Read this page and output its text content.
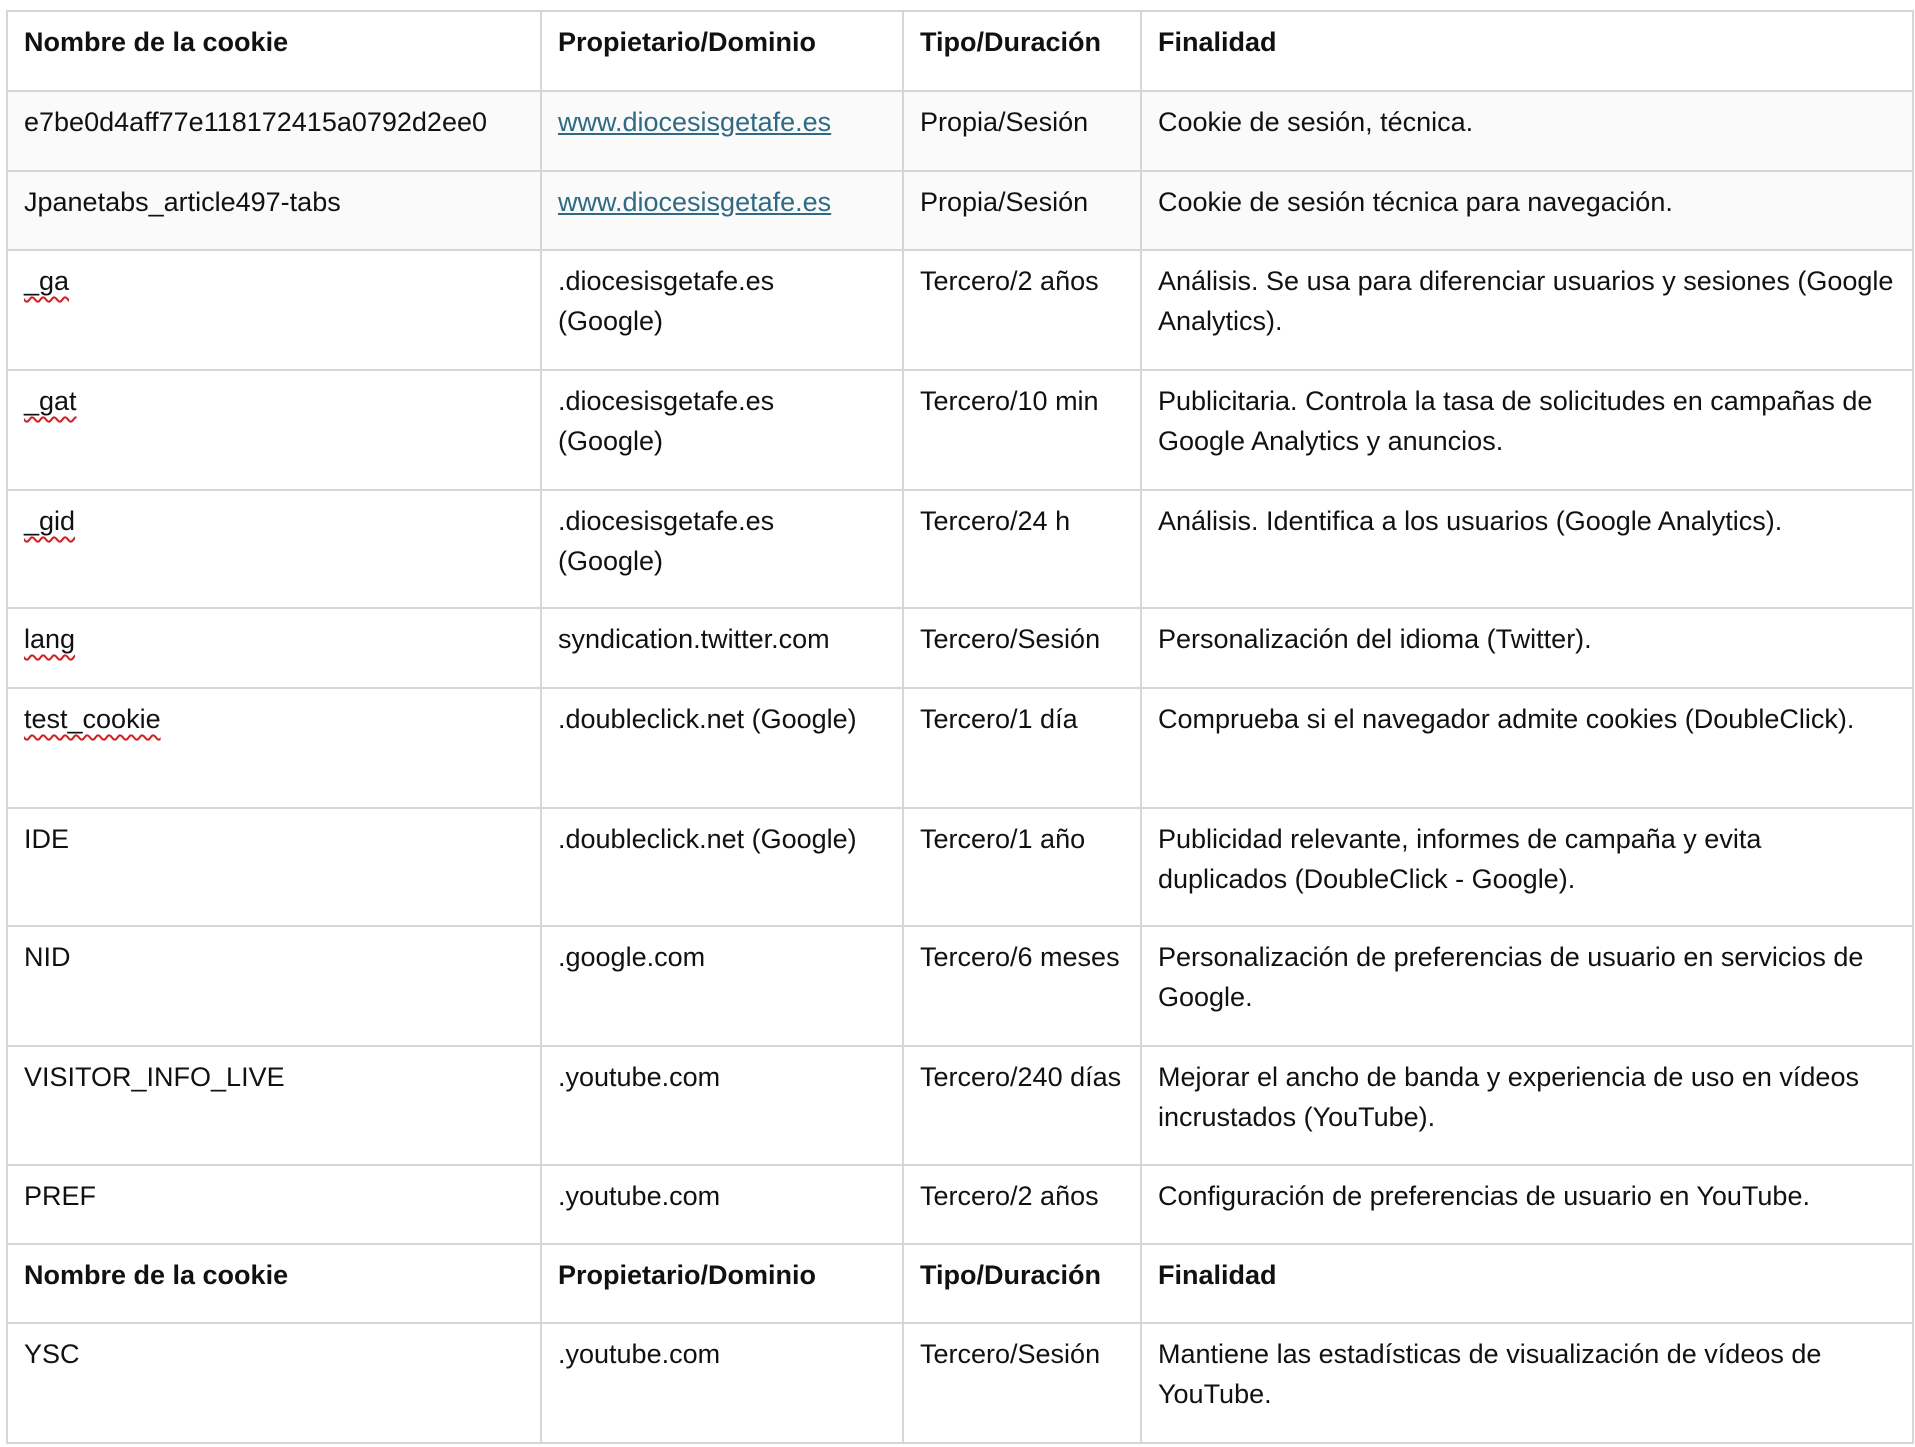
Nombre de la cookie	Propietario/Dominio	Tipo/Duración	Finalidad
e7be0d4aff77e118172415a0792d2ee0	www.diocesisgetafe.es	Propia/Sesión	Cookie de sesión, técnica.
Jpanetabs_article497-tabs	www.diocesisgetafe.es	Propia/Sesión	Cookie de sesión técnica para navegación.
_ga	.diocesisgetafe.es (Google)	Tercero/2 años	Análisis. Se usa para diferenciar usuarios y sesiones (Google Analytics).
_gat	.diocesisgetafe.es (Google)	Tercero/10 min	Publicitaria. Controla la tasa de solicitudes en campañas de Google Analytics y anuncios.
_gid	.diocesisgetafe.es (Google)	Tercero/24 h	Análisis. Identifica a los usuarios (Google Analytics).
lang	syndication.twitter.com	Tercero/Sesión	Personalización del idioma (Twitter).
test_cookie	.doubleclick.net (Google)	Tercero/1 día	Comprueba si el navegador admite cookies (DoubleClick).
IDE	.doubleclick.net (Google)	Tercero/1 año	Publicidad relevante, informes de campaña y evita duplicados (DoubleClick - Google).
NID	.google.com	Tercero/6 meses	Personalización de preferencias de usuario en servicios de Google.
VISITOR_INFO_LIVE	.youtube.com	Tercero/240 días	Mejorar el ancho de banda y experiencia de uso en vídeos incrustados (YouTube).
PREF	.youtube.com	Tercero/2 años	Configuración de preferencias de usuario en YouTube.
Nombre de la cookie	Propietario/Dominio	Tipo/Duración	Finalidad
YSC	.youtube.com	Tercero/Sesión	Mantiene las estadísticas de visualización de vídeos de YouTube.
